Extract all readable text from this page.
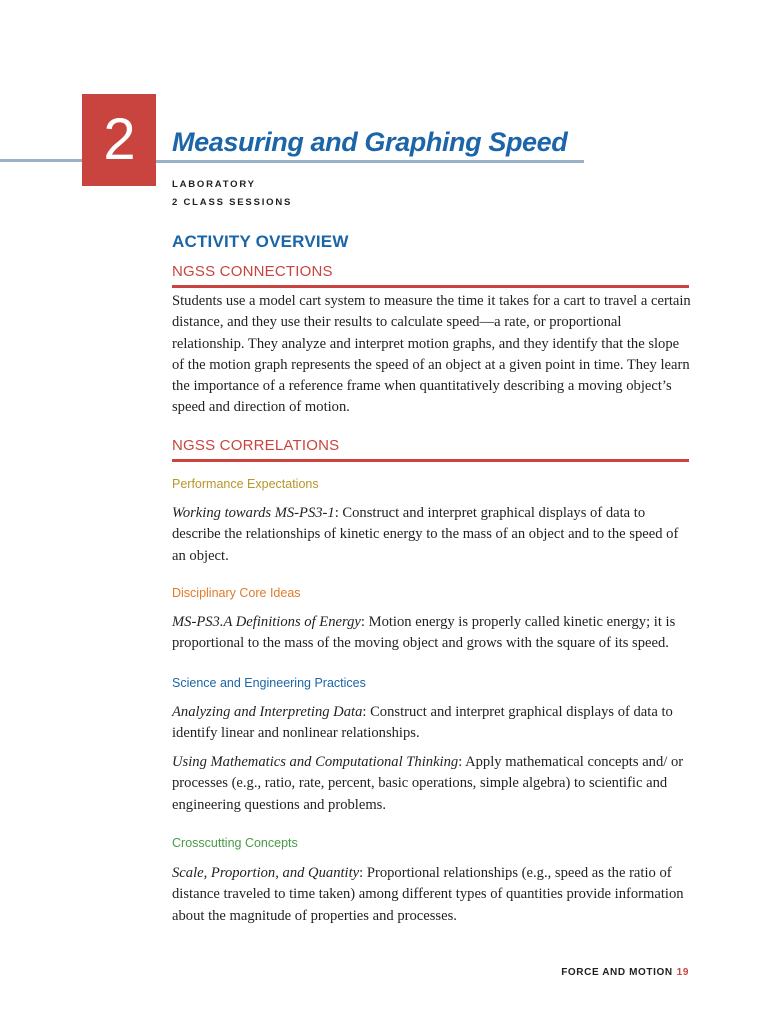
2	Measuring and Graphing Speed
LABORATORY
2 CLASS SESSIONS
ACTIVITY OVERVIEW
NGSS CONNECTIONS
Students use a model cart system to measure the time it takes for a cart to travel a certain distance, and they use their results to calculate speed—a rate, or proportional relationship. They analyze and interpret motion graphs, and they identify that the slope of the motion graph represents the speed of an object at a given point in time. They learn the importance of a reference frame when quantitatively describing a moving object’s speed and direction of motion.
NGSS CORRELATIONS
Performance Expectations
Working towards MS-PS3-1: Construct and interpret graphical displays of data to describe the relationships of kinetic energy to the mass of an object and to the speed of an object.
Disciplinary Core Ideas
MS-PS3.A Definitions of Energy: Motion energy is properly called kinetic energy; it is proportional to the mass of the moving object and grows with the square of its speed.
Science and Engineering Practices
Analyzing and Interpreting Data: Construct and interpret graphical displays of data to identify linear and nonlinear relationships.
Using Mathematics and Computational Thinking: Apply mathematical concepts and/ or processes (e.g., ratio, rate, percent, basic operations, simple algebra) to scientific and engineering questions and problems.
Crosscutting Concepts
Scale, Proportion, and Quantity: Proportional relationships (e.g., speed as the ratio of distance traveled to time taken) among different types of quantities provide information about the magnitude of properties and processes.
FORCE AND MOTION 19
